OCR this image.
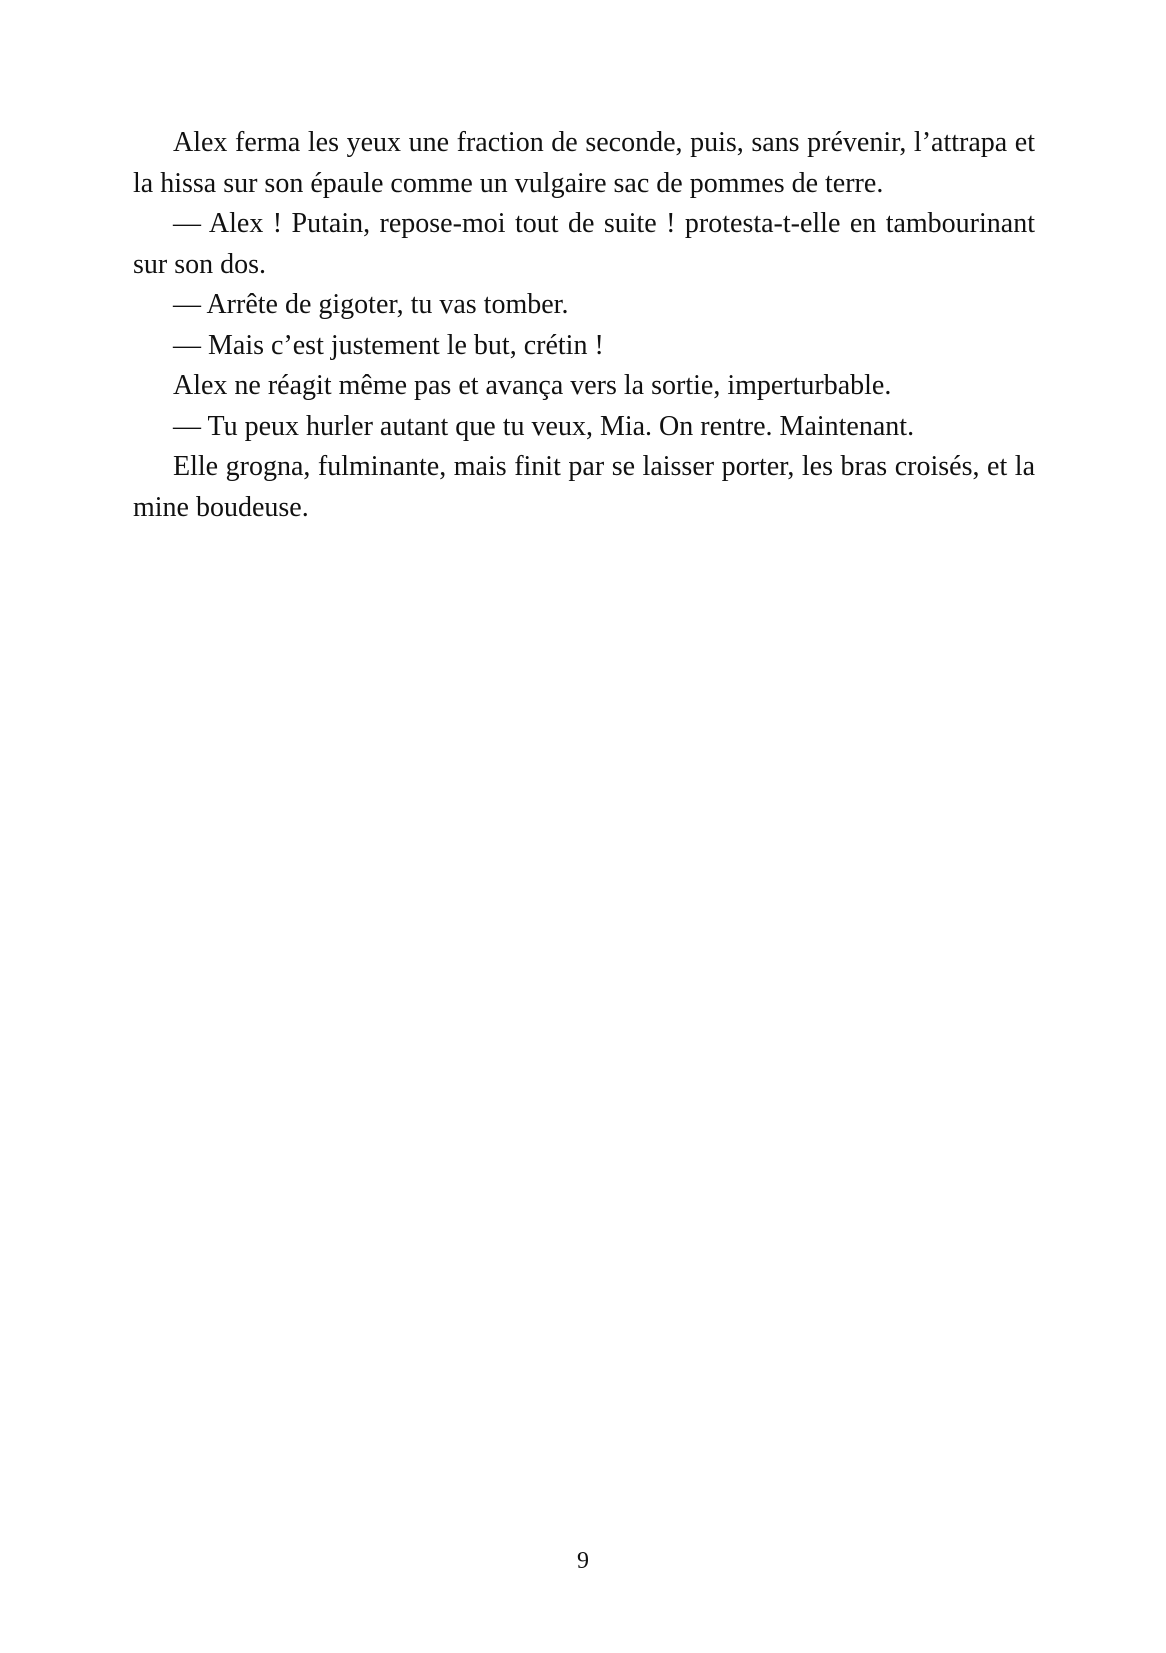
Alex ferma les yeux une fraction de seconde, puis, sans prévenir, l’attrapa et la hissa sur son épaule comme un vulgaire sac de pommes de terre.

— Alex ! Putain, repose-moi tout de suite ! protesta-t-elle en tambourinant sur son dos.

— Arrête de gigoter, tu vas tomber.

— Mais c’est justement le but, crétin !

Alex ne réagit même pas et avança vers la sortie, imperturbable.

— Tu peux hurler autant que tu veux, Mia. On rentre. Maintenant.

Elle grogna, fulminante, mais finit par se laisser porter, les bras croisés, et la mine boudeuse.

9
